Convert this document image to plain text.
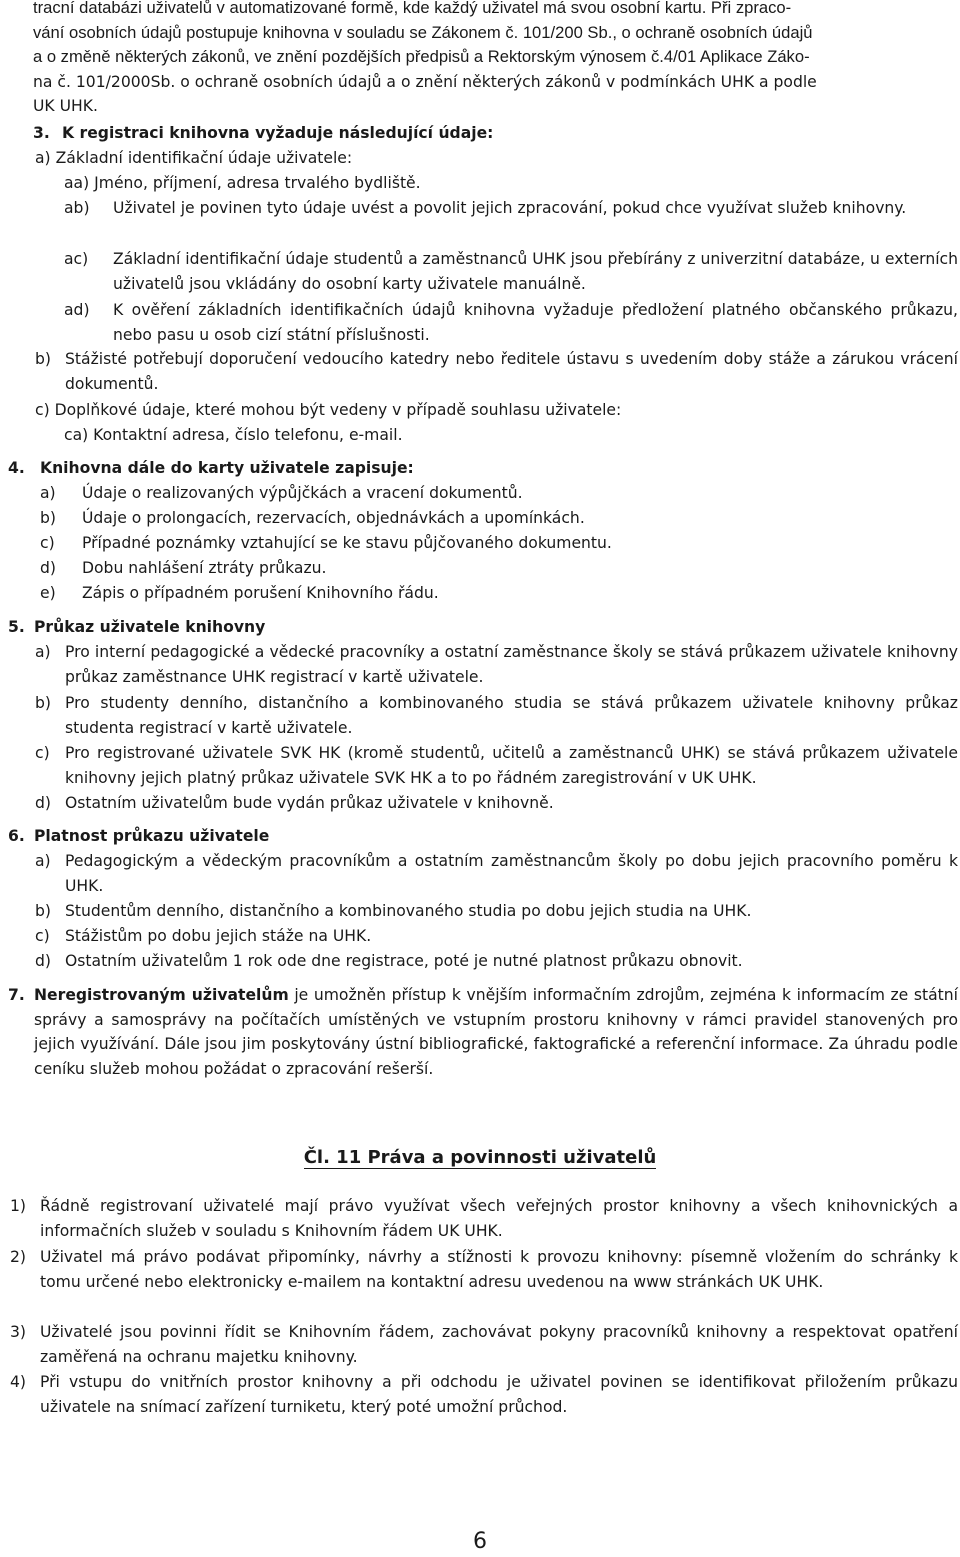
tracní databázi uživatelů v automatizované formě, kde každý uživatel má svou osobní kartu. Při zpraco-
vání osobních údajů postupuje knihovna v souladu se Zákonem č. 101/200 Sb., o ochraně osobních údajů
a o změně některých zákonů, ve znění pozdějších předpisů a Rektorským výnosem č.4/01 Aplikace Záko-
na č. 101/2000Sb. o ochraně osobních údajů a o znění některých zákonů v podmínkách UHK a podle
UK UHK.
3. K registraci knihovna vyžaduje následující údaje:
a) Základní identifikační údaje uživatele:
aa) Jméno, příjmení, adresa trvalého bydliště.
ab) Uživatel je povinen tyto údaje uvést a povolit jejich zpracování, pokud chce využívat služeb knihovny.
ac) Základní identifikační údaje studentů a zaměstnanců UHK jsou přebírány z univerzitní databáze, u externích uživatelů jsou vkládány do osobní karty uživatele manuálně.
ad) K ověření základních identifikačních údajů knihovna vyžaduje předložení platného občanského průkazu, nebo pasu u osob cizí státní příslušnosti.
b) Stážisté potřebují doporučení vedoucího katedry nebo ředitele ústavu s uvedením doby stáže a zárukou vrácení dokumentů.
c) Doplňkové údaje, které mohou být vedeny v případě souhlasu uživatele:
ca) Kontaktní adresa, číslo telefonu, e-mail.
4. Knihovna dále do karty uživatele zapisuje:
a) Údaje o realizovaných výpůjčkách a vracení dokumentů.
b) Údaje o prolongacích, rezervacích, objednávkách a upomínkách.
c) Případné poznámky vztahující se ke stavu půjčovaného dokumentu.
d) Dobu nahlášení ztráty průkazu.
e) Zápis o případném porušení Knihovního řádu.
5. Průkaz uživatele knihovny
a) Pro interní pedagogické a vědecké pracovníky a ostatní zaměstnance školy se stává průkazem uživatele knihovny průkaz zaměstnance UHK registrací v kartě uživatele.
b) Pro studenty denního, distančního a kombinovaného studia se stává průkazem uživatele knihovny průkaz studenta registrací v kartě uživatele.
c) Pro registrované uživatele SVK HK (kromě studentů, učitelů a zaměstnanců UHK) se stává průkazem uživatele knihovny jejich platný průkaz uživatele SVK HK a to po řádném zaregistrování v UK UHK.
d) Ostatním uživatelům bude vydán průkaz uživatele v knihovně.
6. Platnost průkazu uživatele
a) Pedagogickým a vědeckým pracovníkům a ostatním zaměstnancům školy po dobu jejich pracovního poměru k UHK.
b) Studentům denního, distančního a kombinovaného studia po dobu jejich studia na UHK.
c) Stážistům po dobu jejich stáže na UHK.
d) Ostatním uživatelům 1 rok ode dne registrace, poté je nutné platnost průkazu obnovit.
7. Neregistrovaným uživatelům je umožněn přístup k vnějším informačním zdrojům, zejména k informacím ze státní správy a samosprávy na počítačích umístěných ve vstupním prostoru knihovny v rámci pravidel stanovených pro jejich využívání. Dále jsou jim poskytovány ústní bibliografické, faktografické a referenční informace. Za úhradu podle ceníku služeb mohou požádat o zpracování rešerší.
Čl. 11 Práva a povinnosti uživatelů
1) Řádně registrovaní uživatelé mají právo využívat všech veřejných prostor knihovny a všech knihovnických a informačních služeb v souladu s Knihovním řádem UK UHK.
2) Uživatel má právo podávat připomínky, návrhy a stížnosti k provozu knihovny: písemně vložením do schránky k tomu určené nebo elektronicky e-mailem na kontaktní adresu uvedenou na www stránkách UK UHK.
3) Uživatelé jsou povinni řídit se Knihovním řádem, zachovávat pokyny pracovníků knihovny a respektovat opatření zaměřená na ochranu majetku knihovny.
4) Při vstupu do vnitřních prostor knihovny a při odchodu je uživatel povinen se identifikovat přiložením průkazu uživatele na snímací zařízení turniketu, který poté umožní průchod.
6
